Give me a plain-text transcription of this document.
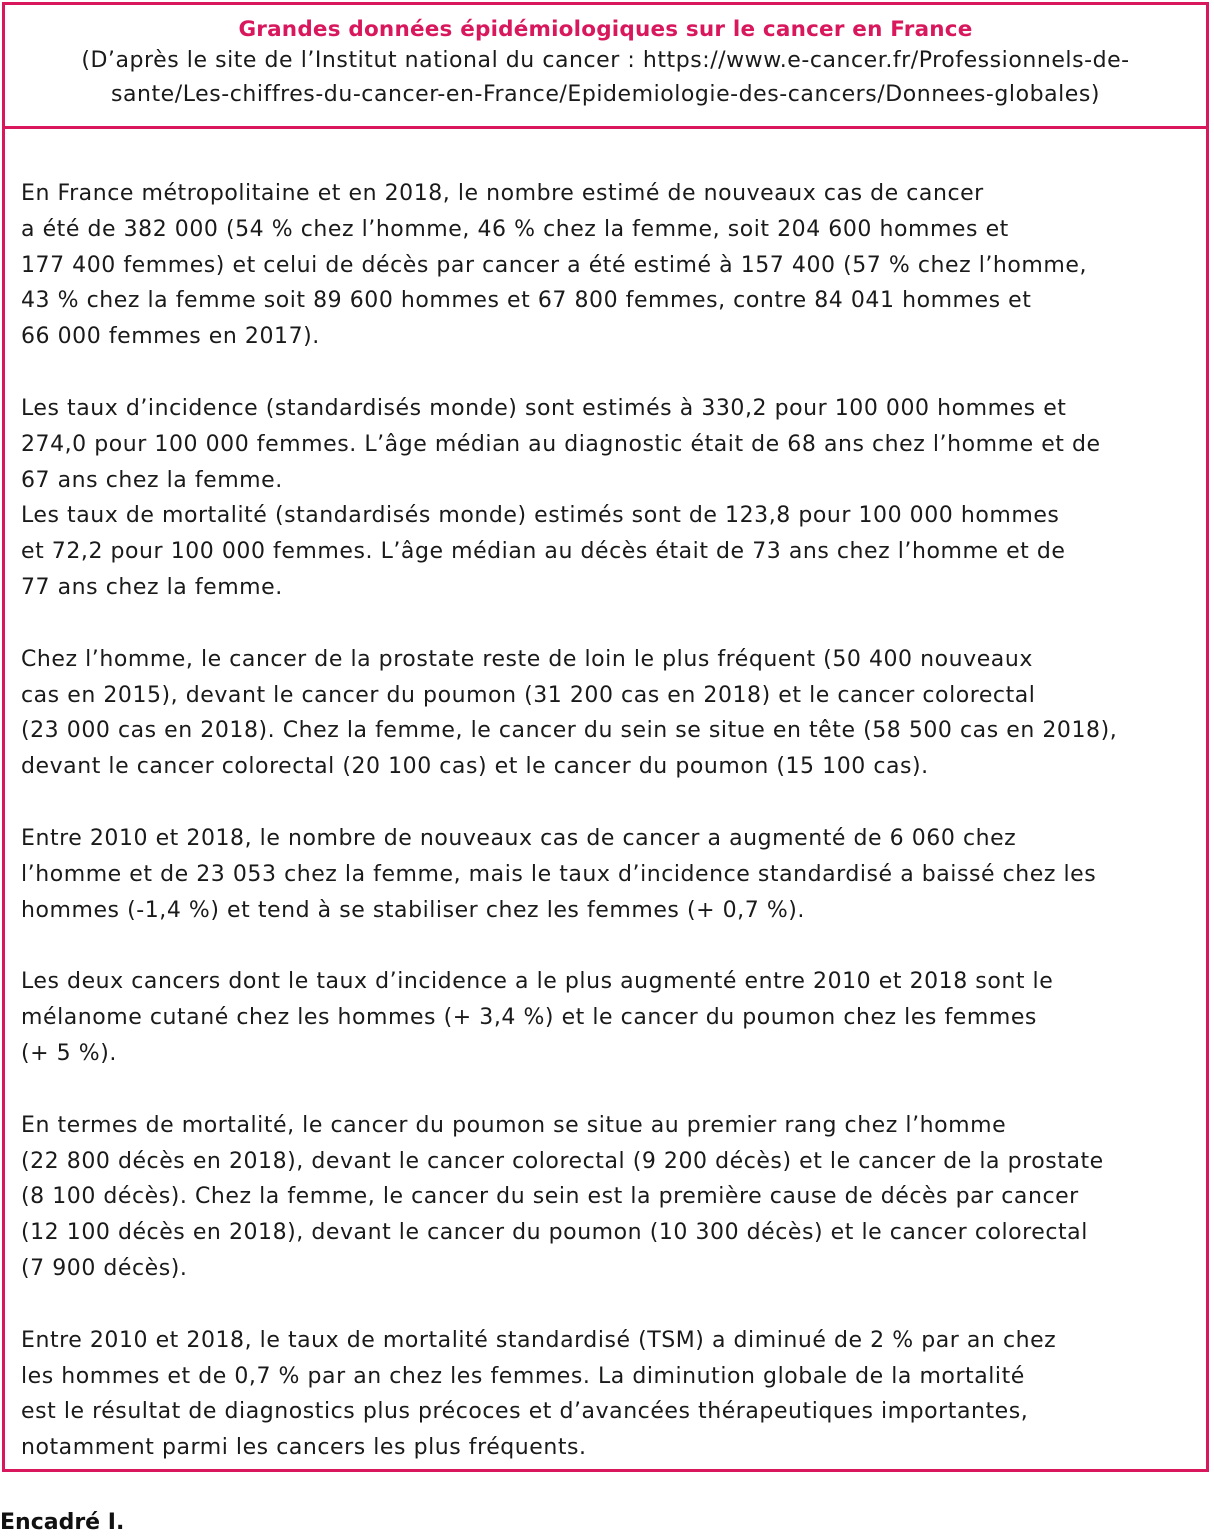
Grandes données épidémiologiques sur le cancer en France
(D’après le site de l’Institut national du cancer : https://www.e-cancer.fr/Professionnels-de-
sante/Les-chiffres-du-cancer-en-France/Epidemiologie-des-cancers/Donnees-globales)

En France métropolitaine et en 2018, le nombre estimé de nouveaux cas de cancer
a été de 382 000 (54 % chez l’homme, 46 % chez la femme, soit 204 600 hommes et
177 400 femmes) et celui de décès par cancer a été estimé à 157 400 (57 % chez l’homme,
43 % chez la femme soit 89 600 hommes et 67 800 femmes, contre 84 041 hommes et
66 000 femmes en 2017).

Les taux d’incidence (standardisés monde) sont estimés à 330,2 pour 100 000 hommes et
274,0 pour 100 000 femmes. L’âge médian au diagnostic était de 68 ans chez l’homme et de
67 ans chez la femme.
Les taux de mortalité (standardisés monde) estimés sont de 123,8 pour 100 000 hommes
et 72,2 pour 100 000 femmes. L’âge médian au décès était de 73 ans chez l’homme et de
77 ans chez la femme.

Chez l’homme, le cancer de la prostate reste de loin le plus fréquent (50 400 nouveaux
cas en 2015), devant le cancer du poumon (31 200 cas en 2018) et le cancer colorectal
(23 000 cas en 2018). Chez la femme, le cancer du sein se situe en tête (58 500 cas en 2018),
devant le cancer colorectal (20 100 cas) et le cancer du poumon (15 100 cas).

Entre 2010 et 2018, le nombre de nouveaux cas de cancer a augmenté de 6 060 chez
l’homme et de 23 053 chez la femme, mais le taux d’incidence standardisé a baissé chez les
hommes (-1,4 %) et tend à se stabiliser chez les femmes (+ 0,7 %).

Les deux cancers dont le taux d’incidence a le plus augmenté entre 2010 et 2018 sont le
mélanome cutané chez les hommes (+ 3,4 %) et le cancer du poumon chez les femmes
(+ 5 %).

En termes de mortalité, le cancer du poumon se situe au premier rang chez l’homme
(22 800 décès en 2018), devant le cancer colorectal (9 200 décès) et le cancer de la prostate
(8 100 décès). Chez la femme, le cancer du sein est la première cause de décès par cancer
(12 100 décès en 2018), devant le cancer du poumon (10 300 décès) et le cancer colorectal
(7 900 décès).

Entre 2010 et 2018, le taux de mortalité standardisé (TSM) a diminué de 2 % par an chez
les hommes et de 0,7 % par an chez les femmes. La diminution globale de la mortalité
est le résultat de diagnostics plus précoces et d’avancées thérapeutiques importantes,
notamment parmi les cancers les plus fréquents.

Encadré I.
